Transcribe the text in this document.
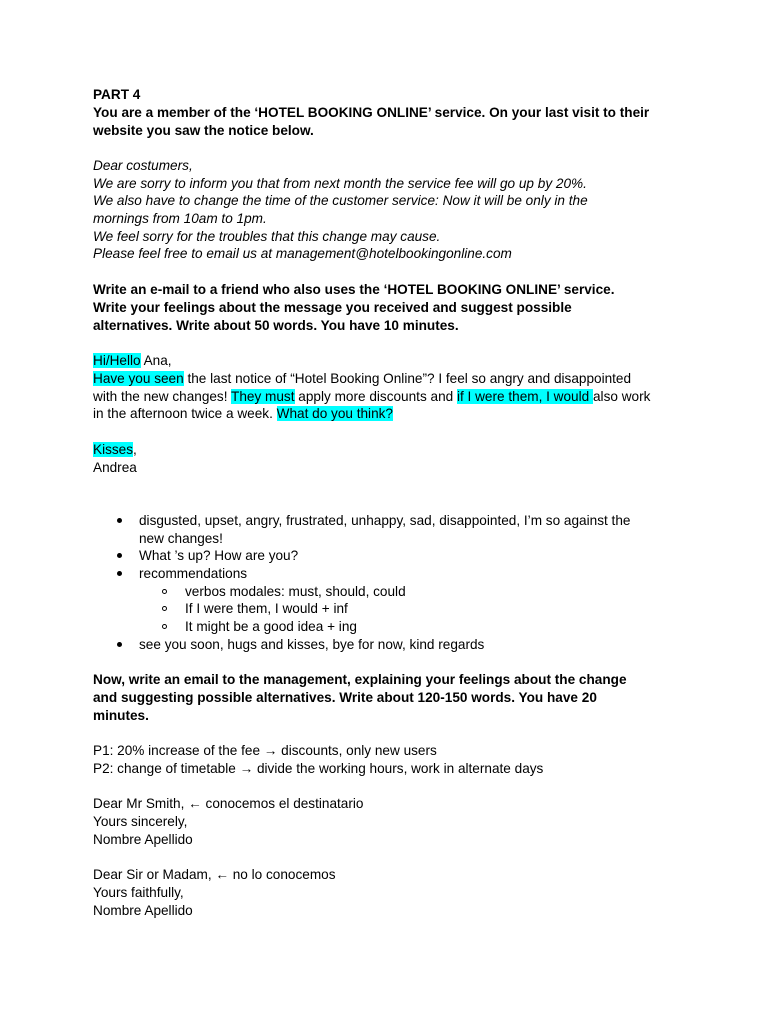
PART 4
You are a member of the ‘HOTEL BOOKING ONLINE’ service. On your last visit to their
website you saw the notice below.
Dear costumers,
We are sorry to inform you that from next month the service fee will go up by 20%.
We also have to change the time of the customer service: Now it will be only in the
mornings from 10am to 1pm.
We feel sorry for the troubles that this change may cause.
Please feel free to email us at management@hotelbookingonline.com
Write an e-mail to a friend who also uses the ‘HOTEL BOOKING ONLINE’ service.
Write your feelings about the message you received and suggest possible
alternatives. Write about 50 words. You have 10 minutes.
Hi/Hello Ana,
Have you seen the last notice of “Hotel Booking Online”? I feel so angry and disappointed
with the new changes! They must apply more discounts and if I were them, I would also work
in the afternoon twice a week. What do you think?
Kisses,
Andrea
disgusted, upset, angry, frustrated, unhappy, sad, disappointed, I’m so against the
new changes!
What ’s up? How are you?
recommendations
verbos modales: must, should, could
If I were them, I would + inf
It might be a good idea + ing
see you soon, hugs and kisses, bye for now, kind regards
Now, write an email to the management, explaining your feelings about the change
and suggesting possible alternatives. Write about 120-150 words. You have 20
minutes.
P1: 20% increase of the fee → discounts, only new users
P2: change of timetable → divide the working hours, work in alternate days
Dear Mr Smith, ← conocemos el destinatario
Yours sincerely,
Nombre Apellido
Dear Sir or Madam, ← no lo conocemos
Yours faithfully,
Nombre Apellido
